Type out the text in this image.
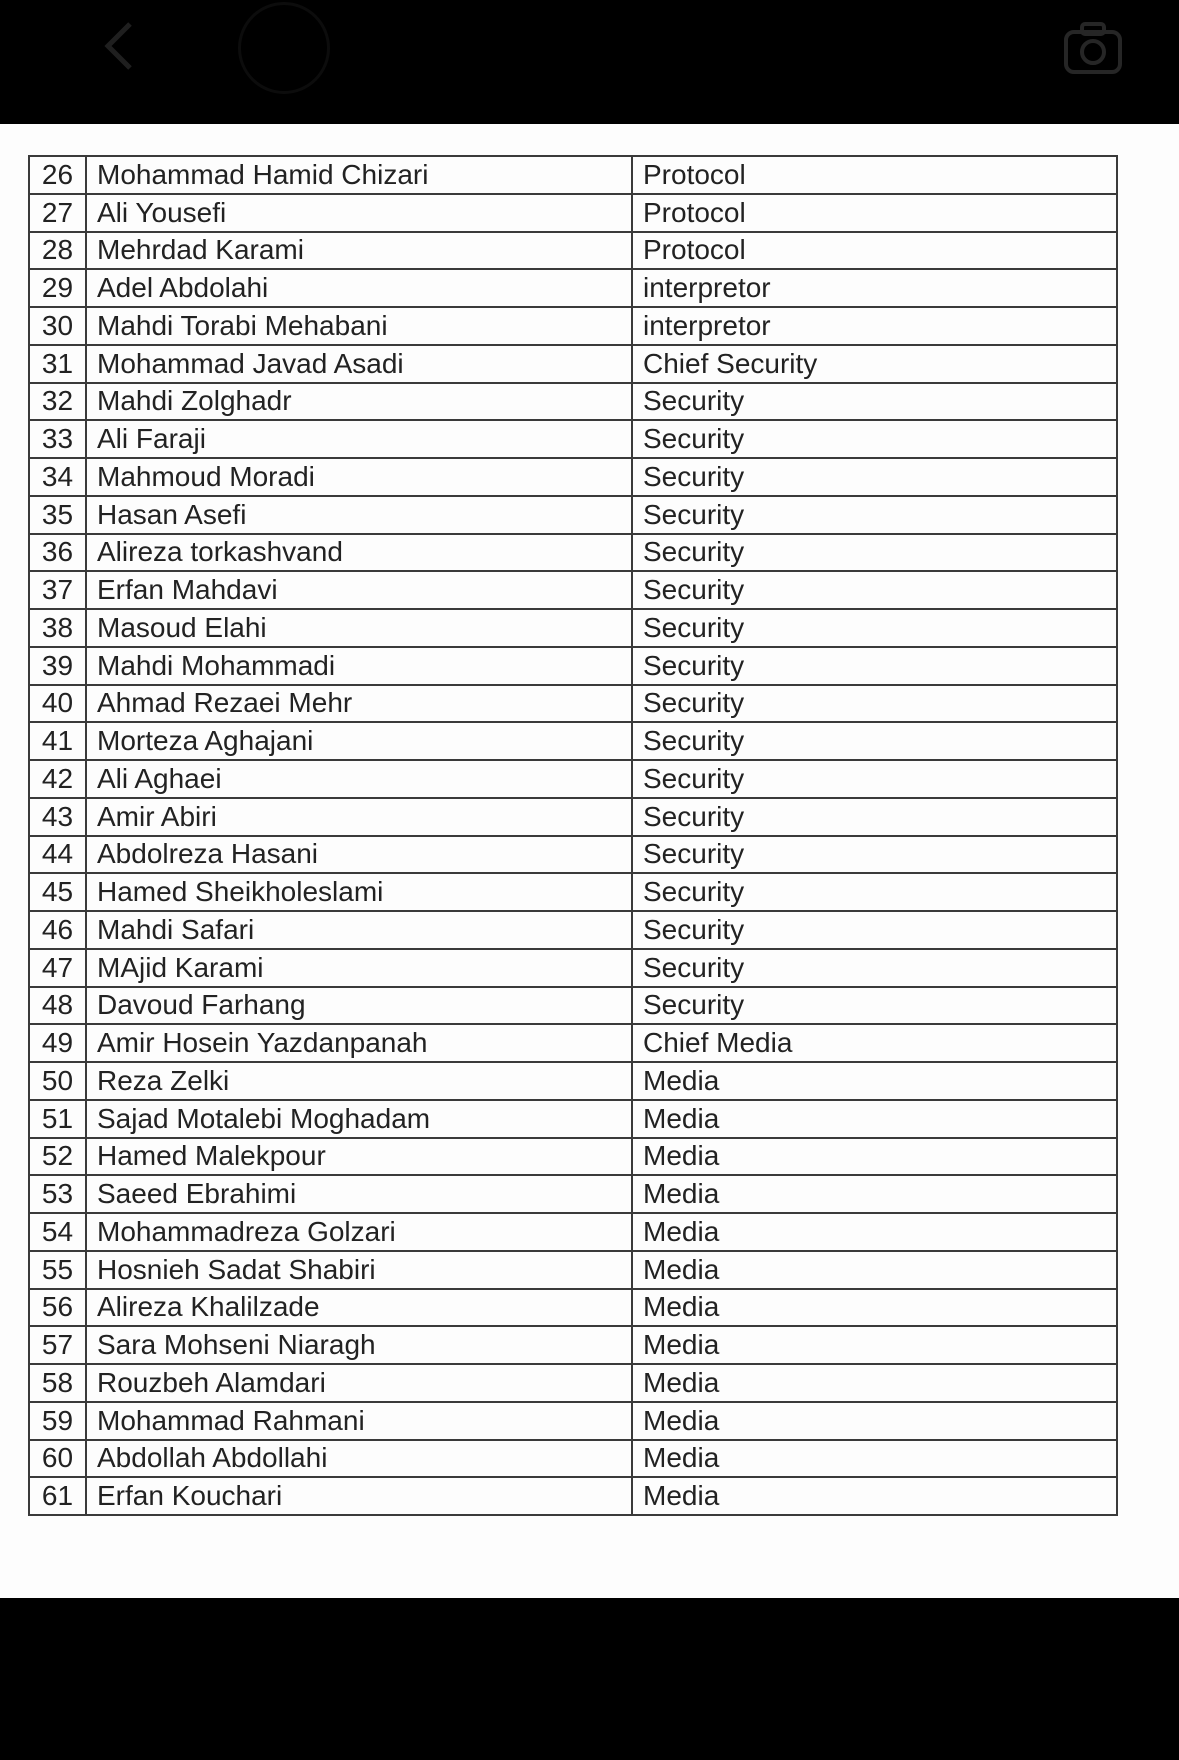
26	Mohammad Hamid Chizari	Protocol
27	Ali Yousefi	Protocol
28	Mehrdad Karami	Protocol
29	Adel Abdolahi	interpretor
30	Mahdi Torabi Mehabani	interpretor
31	Mohammad Javad Asadi	Chief Security
32	Mahdi Zolghadr	Security
33	Ali Faraji	Security
34	Mahmoud Moradi	Security
35	Hasan Asefi	Security
36	Alireza torkashvand	Security
37	Erfan Mahdavi	Security
38	Masoud Elahi	Security
39	Mahdi Mohammadi	Security
40	Ahmad Rezaei Mehr	Security
41	Morteza Aghajani	Security
42	Ali Aghaei	Security
43	Amir Abiri	Security
44	Abdolreza Hasani	Security
45	Hamed Sheikholeslami	Security
46	Mahdi Safari	Security
47	MAjid Karami	Security
48	Davoud Farhang	Security
49	Amir Hosein Yazdanpanah	Chief Media
50	Reza Zelki	Media
51	Sajad Motalebi Moghadam	Media
52	Hamed Malekpour	Media
53	Saeed Ebrahimi	Media
54	Mohammadreza Golzari	Media
55	Hosnieh Sadat Shabiri	Media
56	Alireza Khalilzade	Media
57	Sara Mohseni Niaragh	Media
58	Rouzbeh Alamdari	Media
59	Mohammad Rahmani	Media
60	Abdollah Abdollahi	Media
61	Erfan Kouchari	Media
